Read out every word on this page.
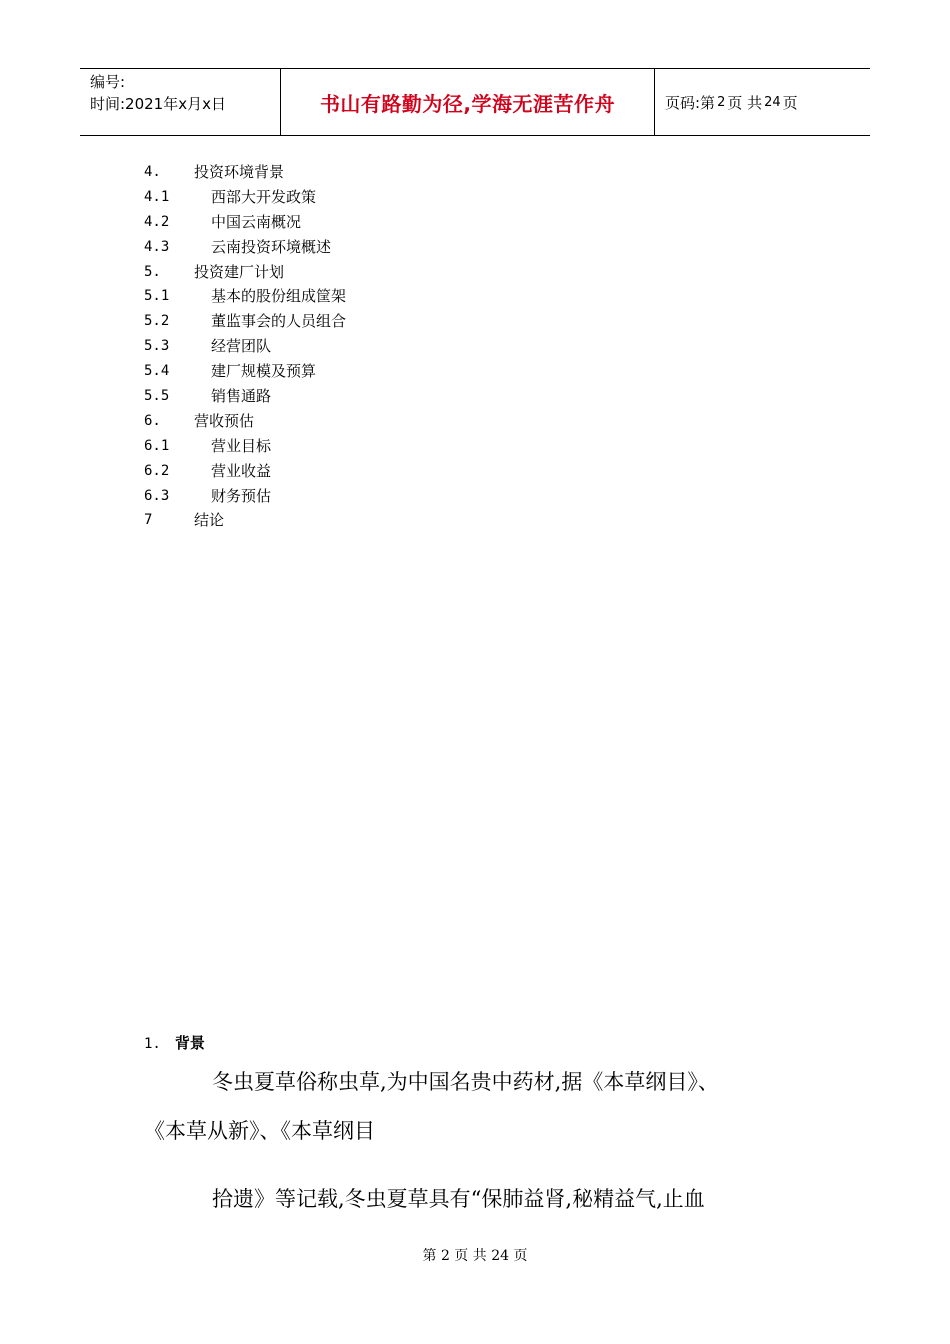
编号:
时间:2021年x月x日	书山有路勤为径,学海无涯苦作舟	页码:第 2 页 共 24 页
4. 投资环境背景
4.1	西部大开发政策
4.2	中国云南概况
4.3	云南投资环境概述
5. 投资建厂计划
5.1	基本的股份组成筐架
5.2	董监事会的人员组合
5.3	经营团队
5.4	建厂规模及预算
5.5	销售通路
6. 营收预估
6.1	营业目标
6.2	营业收益
6.3	财务预估
7	结论
1. 背景
冬虫夏草俗称虫草,为中国名贵中药材,据《本草纲目》、
《本草从新》、《本草纲目
拾遗》等记载,冬虫夏草具有“保肺益肾,秘精益气,止血
第 2 页 共 24 页
